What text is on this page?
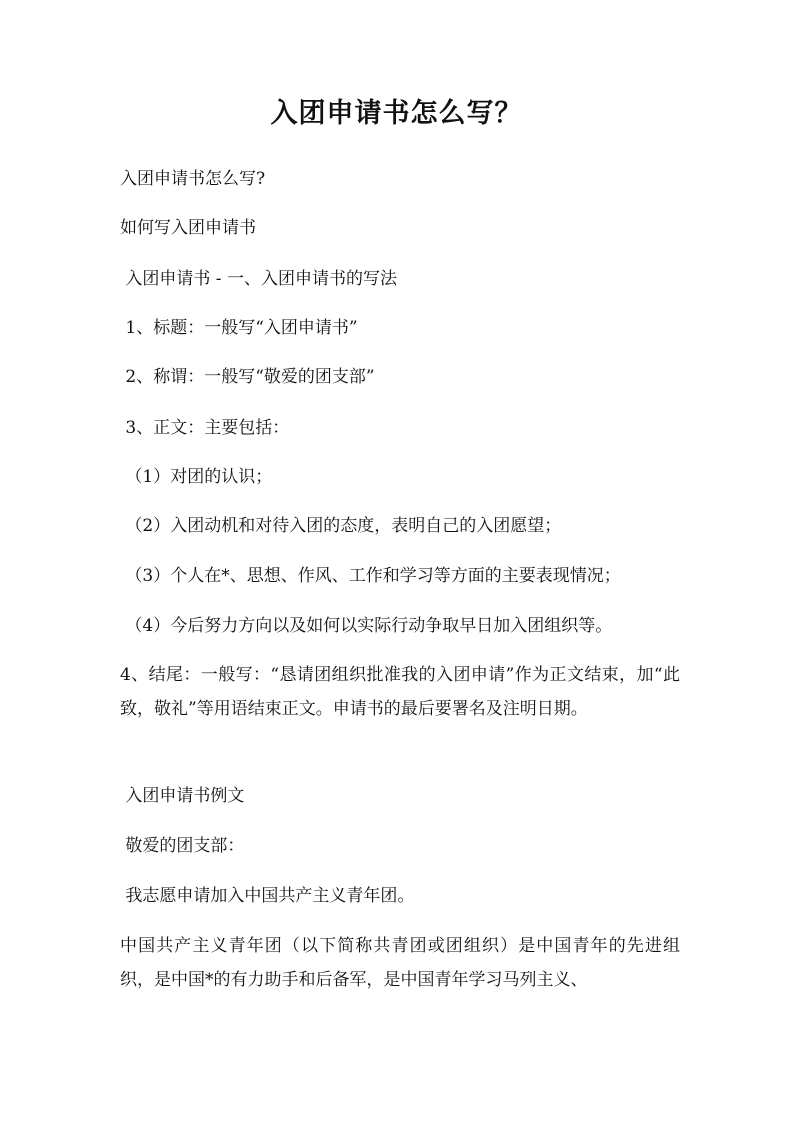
入团申请书怎么写？

入团申请书怎么写?

如何写入团申请书

入团申请书 - 一、入团申请书的写法

1、标题：一般写“入团申请书”

2、称谓：一般写“敬爱的团支部”

3、正文：主要包括：

（1）对团的认识；

（2）入团动机和对待入团的态度，表明自己的入团愿望；

（3）个人在*、思想、作风、工作和学习等方面的主要表现情况；

（4）今后努力方向以及如何以实际行动争取早日加入团组织等。

4、结尾：一般写：“恳请团组织批准我的入团申请”作为正文结束，加“此致，敬礼”等用语结束正文。申请书的最后要署名及注明日期。

入团申请书例文

敬爱的团支部：

我志愿申请加入中国共产主义青年团。

中国共产主义青年团（以下简称共青团或团组织）是中国青年的先进组织，是中国*的有力助手和后备军，是中国青年学习马列主义、
